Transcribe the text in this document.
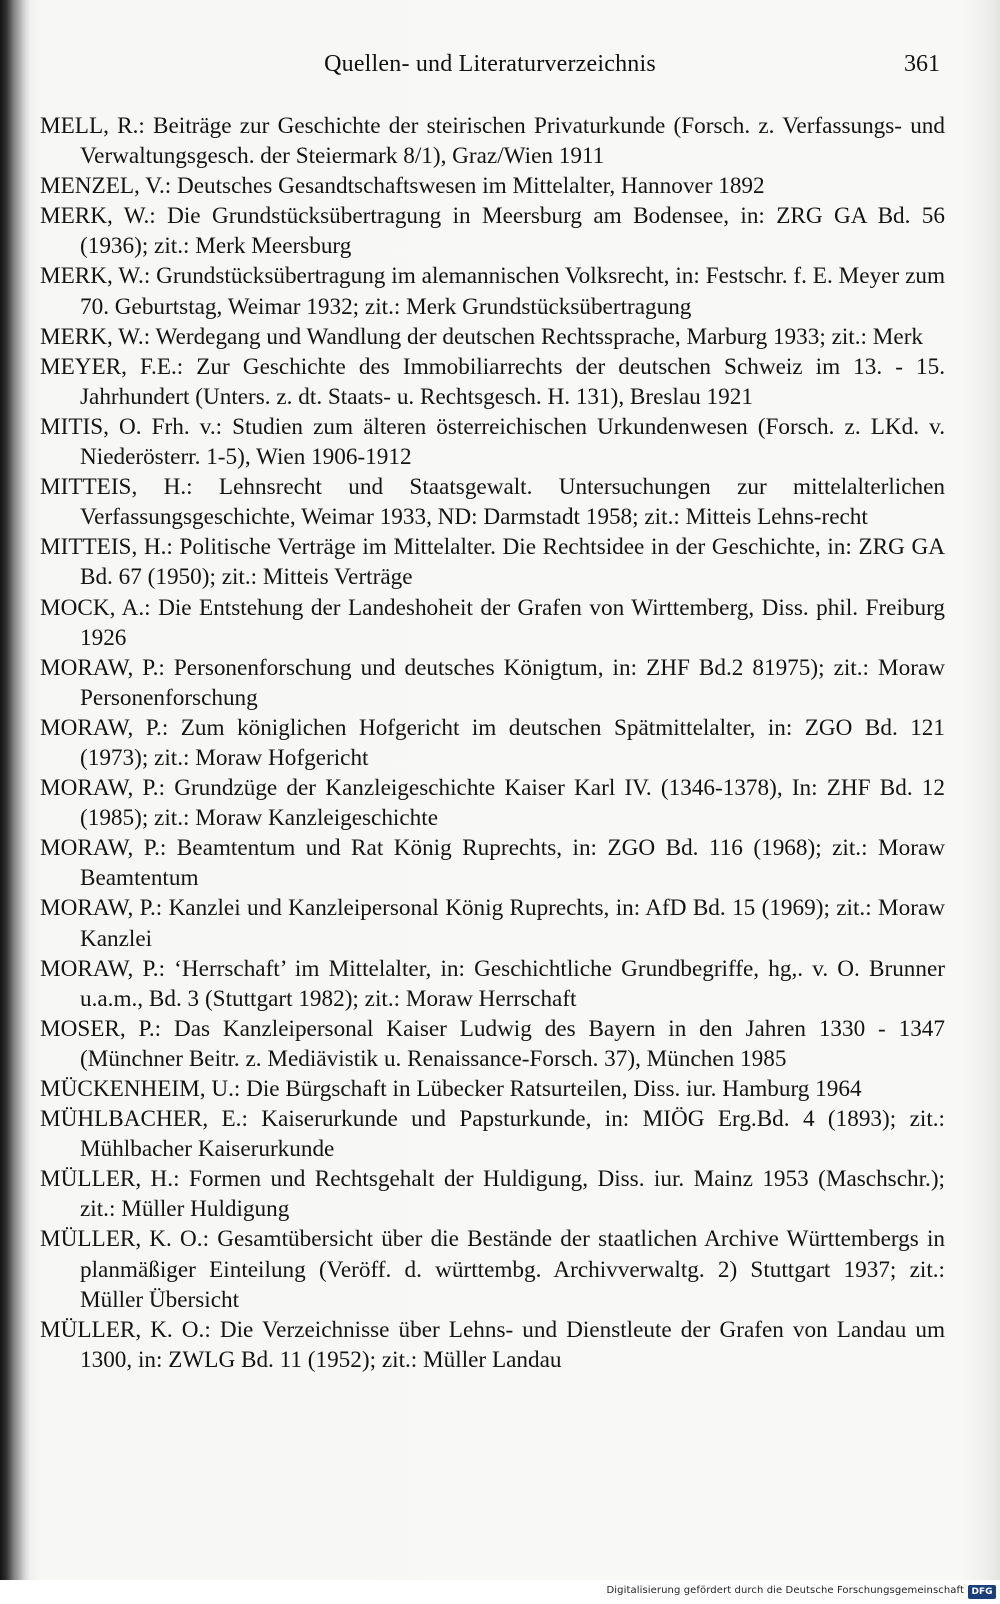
Quellen- und Literaturverzeichnis	361

MELL, R.: Beiträge zur Geschichte der steirischen Privaturkunde (Forsch. z. Verfassungs- und Verwaltungsgesch. der Steiermark 8/1), Graz/Wien 1911

MENZEL, V.: Deutsches Gesandtschaftswesen im Mittelalter, Hannover 1892

MERK, W.: Die Grundstücksübertragung in Meersburg am Bodensee, in: ZRG GA Bd. 56 (1936); zit.: Merk Meersburg

MERK, W.: Grundstücksübertragung im alemannischen Volksrecht, in: Festschr. f. E. Meyer zum 70. Geburtstag, Weimar 1932; zit.: Merk Grundstücksübertragung

MERK, W.: Werdegang und Wandlung der deutschen Rechtssprache, Marburg 1933; zit.: Merk

MEYER, F.E.: Zur Geschichte des Immobiliarrechts der deutschen Schweiz im 13. - 15. Jahrhundert (Unters. z. dt. Staats- u. Rechtsgesch. H. 131), Breslau 1921

MITIS, O. Frh. v.: Studien zum älteren österreichischen Urkundenwesen (Forsch. z. LKd. v. Niederösterr. 1-5), Wien 1906-1912

MITTEIS, H.: Lehnsrecht und Staatsgewalt. Untersuchungen zur mittelalterlichen Verfassungsgeschichte, Weimar 1933, ND: Darmstadt 1958; zit.: Mitteis Lehns-recht

MITTEIS, H.: Politische Verträge im Mittelalter. Die Rechtsidee in der Geschichte, in: ZRG GA Bd. 67 (1950); zit.: Mitteis Verträge

MOCK, A.: Die Entstehung der Landeshoheit der Grafen von Wirttemberg, Diss. phil. Freiburg 1926

MORAW, P.: Personenforschung und deutsches Königtum, in: ZHF Bd.2 81975); zit.: Moraw Personenforschung

MORAW, P.: Zum königlichen Hofgericht im deutschen Spätmittelalter, in: ZGO Bd. 121 (1973); zit.: Moraw Hofgericht

MORAW, P.: Grundzüge der Kanzleigeschichte Kaiser Karl IV. (1346-1378), In: ZHF Bd. 12 (1985); zit.: Moraw Kanzleigeschichte

MORAW, P.: Beamtentum und Rat König Ruprechts, in: ZGO Bd. 116 (1968); zit.: Moraw Beamtentum

MORAW, P.: Kanzlei und Kanzleipersonal König Ruprechts, in: AfD Bd. 15 (1969); zit.: Moraw Kanzlei

MORAW, P.: ‘Herrschaft’ im Mittelalter, in: Geschichtliche Grundbegriffe, hg,. v. O. Brunner u.a.m., Bd. 3 (Stuttgart 1982); zit.: Moraw Herrschaft

MOSER, P.: Das Kanzleipersonal Kaiser Ludwig des Bayern in den Jahren 1330 - 1347 (Münchner Beitr. z. Mediävistik u. Renaissance-Forsch. 37), München 1985

MÜCKENHEIM, U.: Die Bürgschaft in Lübecker Ratsurteilen, Diss. iur. Hamburg 1964

MÜHLBACHER, E.: Kaiserurkunde und Papsturkunde, in: MIÖG Erg.Bd. 4 (1893); zit.: Mühlbacher Kaiserurkunde

MÜLLER, H.: Formen und Rechtsgehalt der Huldigung, Diss. iur. Mainz 1953 (Maschschr.); zit.: Müller Huldigung

MÜLLER, K. O.: Gesamtübersicht über die Bestände der staatlichen Archive Württembergs in planmäßiger Einteilung (Veröff. d. württembg. Archivverwaltg. 2) Stuttgart 1937; zit.: Müller Übersicht

MÜLLER, K. O.: Die Verzeichnisse über Lehns- und Dienstleute der Grafen von Landau um 1300, in: ZWLG Bd. 11 (1952); zit.: Müller Landau

Digitalisierung gefördert durch die Deutsche Forschungsgemeinschaft DFG
